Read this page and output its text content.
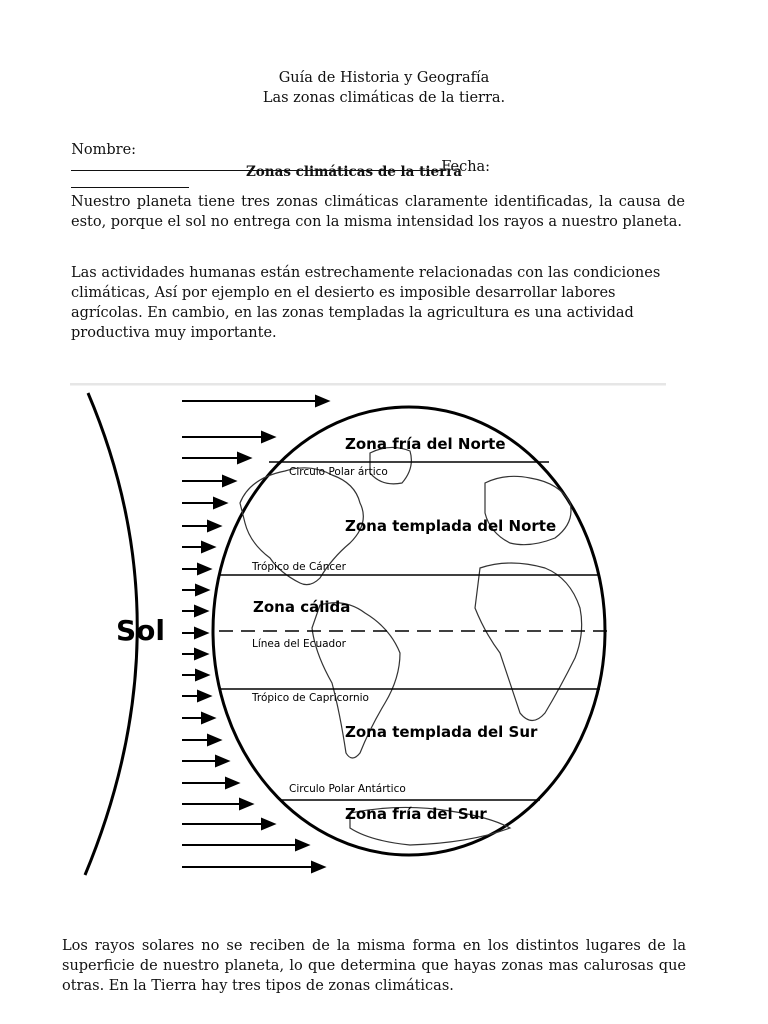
Guía de Historia y Geografía
Las zonas climáticas de la tierra.

Nombre:
Fecha:

Zonas climáticas de la tierra
Nuestro planeta tiene tres zonas climáticas claramente identificadas, la causa de esto, porque el sol no entrega con la misma intensidad los rayos a nuestro planeta.
Las actividades humanas están estrechamente relacionadas con las condiciones climáticas, Así por ejemplo en el desierto es imposible desarrollar labores agrícolas. En cambio, en las zonas templadas la agricultura es una actividad productiva muy importante.
Sol
Zona fría del Norte
Circulo Polar ártico
Zona templada del Norte
Trópico de Cáncer
Zona cálida
Línea del Ecuador
Trópico de Capricornio
Zona templada del Sur
Circulo Polar Antártico
Zona fría del Sur
Los rayos solares no se reciben de la misma forma en los distintos lugares de la superficie de nuestro planeta, lo que determina que hayas zonas mas calurosas que otras. En la Tierra hay tres tipos de zonas climáticas.
